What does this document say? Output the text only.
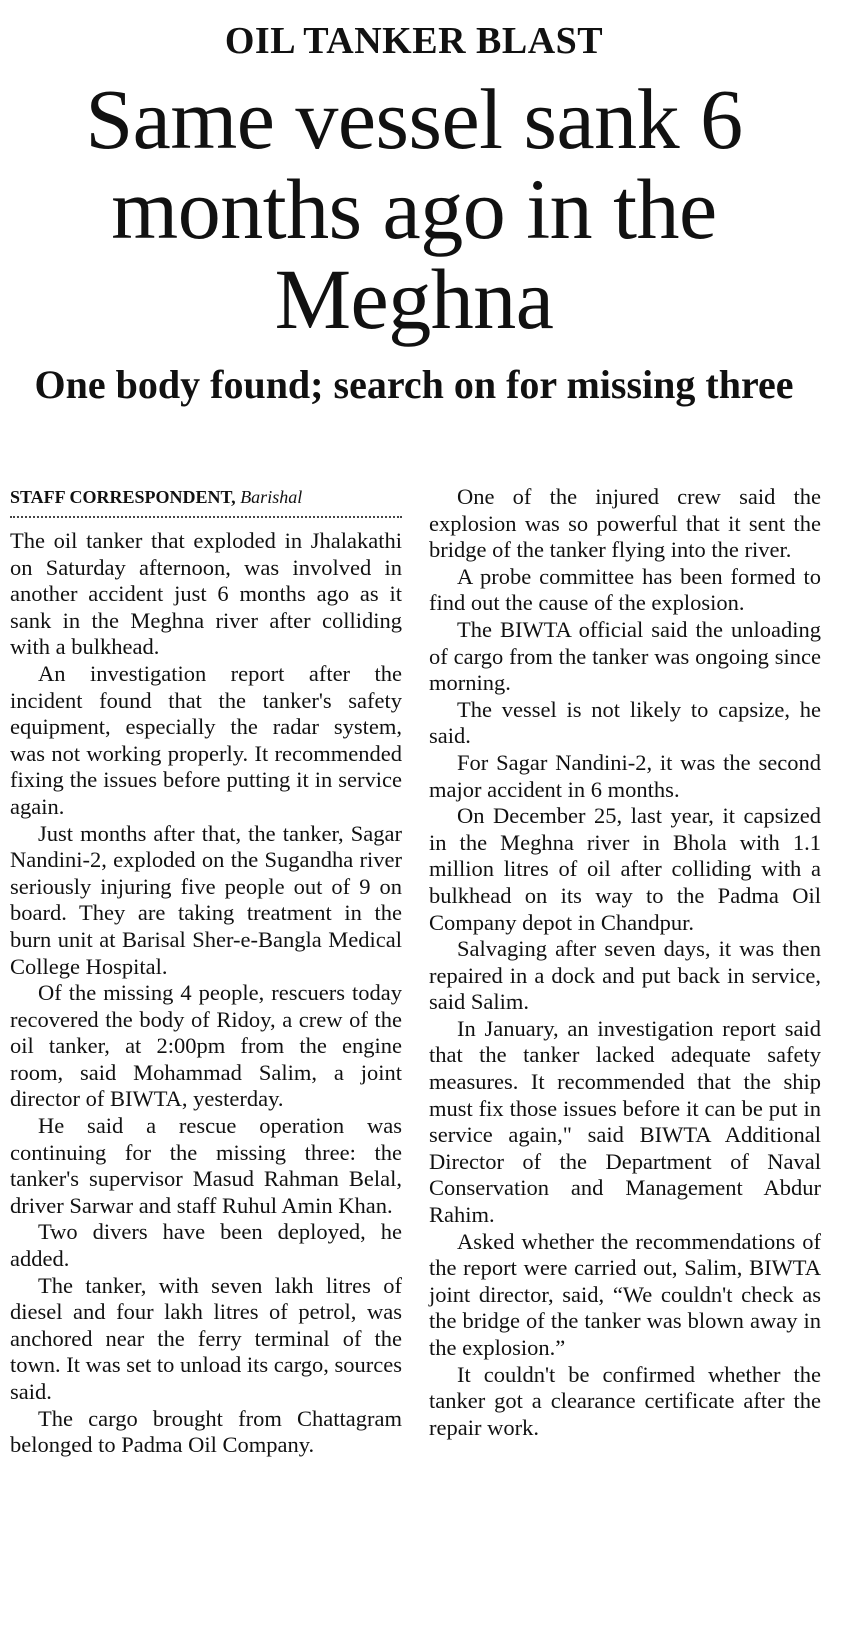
OIL TANKER BLAST
Same vessel sank 6 months ago in the Meghna
One body found; search on for missing three
STAFF CORRESPONDENT, Barishal

The oil tanker that exploded in Jhalakathi on Saturday afternoon, was involved in another accident just 6 months ago as it sank in the Meghna river after colliding with a bulkhead.

An investigation report after the incident found that the tanker's safety equipment, especially the radar system, was not working properly. It recommended fixing the issues before putting it in service again.

Just months after that, the tanker, Sagar Nandini-2, exploded on the Sugandha river seriously injuring five people out of 9 on board. They are taking treatment in the burn unit at Barisal Sher-e-Bangla Medical College Hospital.

Of the missing 4 people, rescuers today recovered the body of Ridoy, a crew of the oil tanker, at 2:00pm from the engine room, said Mohammad Salim, a joint director of BIWTA, yesterday.

He said a rescue operation was continuing for the missing three: the tanker's supervisor Masud Rahman Belal, driver Sarwar and staff Ruhul Amin Khan.

Two divers have been deployed, he added.

The tanker, with seven lakh litres of diesel and four lakh litres of petrol, was anchored near the ferry terminal of the town. It was set to unload its cargo, sources said.

The cargo brought from Chattagram belonged to Padma Oil Company.

One of the injured crew said the explosion was so powerful that it sent the bridge of the tanker flying into the river.

A probe committee has been formed to find out the cause of the explosion.

The BIWTA official said the unloading of cargo from the tanker was ongoing since morning.

The vessel is not likely to capsize, he said.

For Sagar Nandini-2, it was the second major accident in 6 months.

On December 25, last year, it capsized in the Meghna river in Bhola with 1.1 million litres of oil after colliding with a bulkhead on its way to the Padma Oil Company depot in Chandpur.

Salvaging after seven days, it was then repaired in a dock and put back in service, said Salim.

In January, an investigation report said that the tanker lacked adequate safety measures. It recommended that the ship must fix those issues before it can be put in service again," said BIWTA Additional Director of the Department of Naval Conservation and Management Abdur Rahim.

Asked whether the recommendations of the report were carried out, Salim, BIWTA joint director, said, “We couldn't check as the bridge of the tanker was blown away in the explosion.”

It couldn't be confirmed whether the tanker got a clearance certificate after the repair work.
